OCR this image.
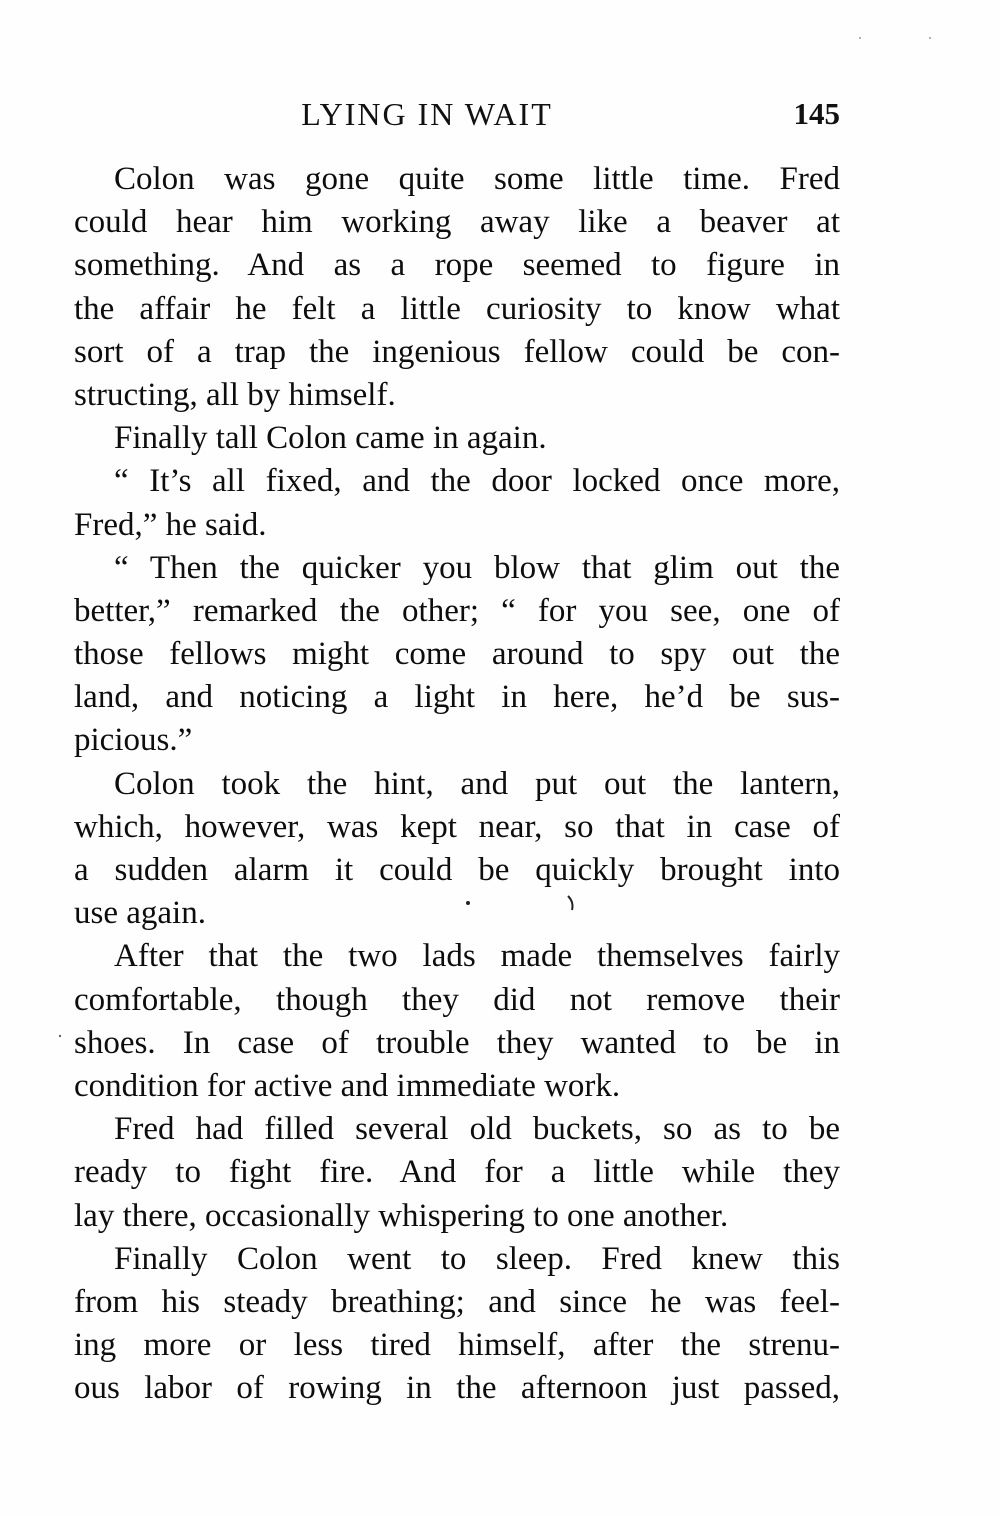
LYING IN WAIT	145
Colon was gone quite some little time. Fred
could hear him working away like a beaver at
something. And as a rope seemed to figure in
the affair he felt a little curiosity to know what
sort of a trap the ingenious fellow could be con-
structing, all by himself.
Finally tall Colon came in again.
“ It’s all fixed, and the door locked once more,
Fred,” he said.
“ Then the quicker you blow that glim out the
better,” remarked the other; “ for you see, one of
those fellows might come around to spy out the
land, and noticing a light in here, he’d be sus-
picious.”
Colon took the hint, and put out the lantern,
which, however, was kept near, so that in case of
a sudden alarm it could be quickly brought into
use again.
After that the two lads made themselves fairly
comfortable, though they did not remove their
shoes. In case of trouble they wanted to be in
condition for active and immediate work.
Fred had filled several old buckets, so as to be
ready to fight fire. And for a little while they
lay there, occasionally whispering to one another.
Finally Colon went to sleep. Fred knew this
from his steady breathing; and since he was feel-
ing more or less tired himself, after the strenu-
ous labor of rowing in the afternoon just passed,
